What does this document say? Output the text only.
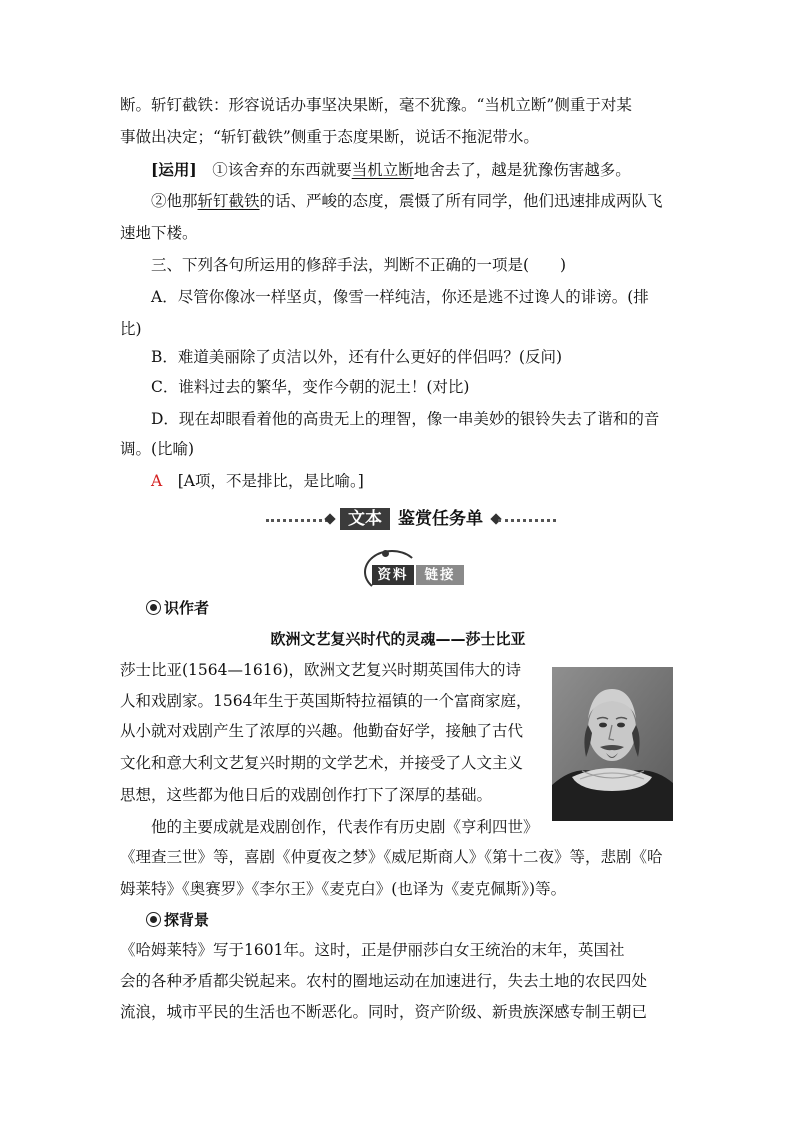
断。斩钉截铁：形容说话办事坚决果断，毫不犹豫。“当机立断”侧重于对某

事做出决定；“斩钉截铁”侧重于态度果断，说话不拖泥带水。

[运用]　 ①该舍弃的东西就要当机立断地舍去了，越是犹豫伤害越多。

②他那斩钉截铁的话、严峻的态度，震慑了所有同学，他们迅速排成两队飞

速地下楼。

三、下列各句所运用的修辞手法，判断不正确的一项是(　　)

A．尽管你像冰一样坚贞，像雪一样纯洁，你还是逃不过谗人的诽谤。(排

比)

B．难道美丽除了贞洁以外，还有什么更好的伴侣吗？(反问)

C．谁料过去的繁华，变作今朝的泥土！(对比)

D．现在却眼看着他的高贵无上的理智，像一串美妙的银铃失去了谐和的音

调。(比喻)

A　 [A项，不是排比，是比喻。]

文本 鉴赏任务单
资料	链接
识作者
欧洲文艺复兴时代的灵魂——莎士比亚

莎士比亚(1564—1616)，欧洲文艺复兴时期英国伟大的诗

人和戏剧家。1564年生于英国斯特拉福镇的一个富商家庭，

从小就对戏剧产生了浓厚的兴趣。他勤奋好学，接触了古代

文化和意大利文艺复兴时期的文学艺术，并接受了人文主义

思想，这些都为他日后的戏剧创作打下了深厚的基础。

他的主要成就是戏剧创作，代表作有历史剧《亨利四世》

《理查三世》等，喜剧《仲夏夜之梦》《威尼斯商人》《第十二夜》等，悲剧《哈

姆莱特》《奥赛罗》《李尔王》《麦克白》(也译为《麦克佩斯》)等。

探背景

《哈姆莱特》写于1601年。这时，正是伊丽莎白女王统治的末年，英国社

会的各种矛盾都尖锐起来。农村的圈地运动在加速进行，失去土地的农民四处

流浪，城市平民的生活也不断恶化。同时，资产阶级、新贵族深感专制王朝已
